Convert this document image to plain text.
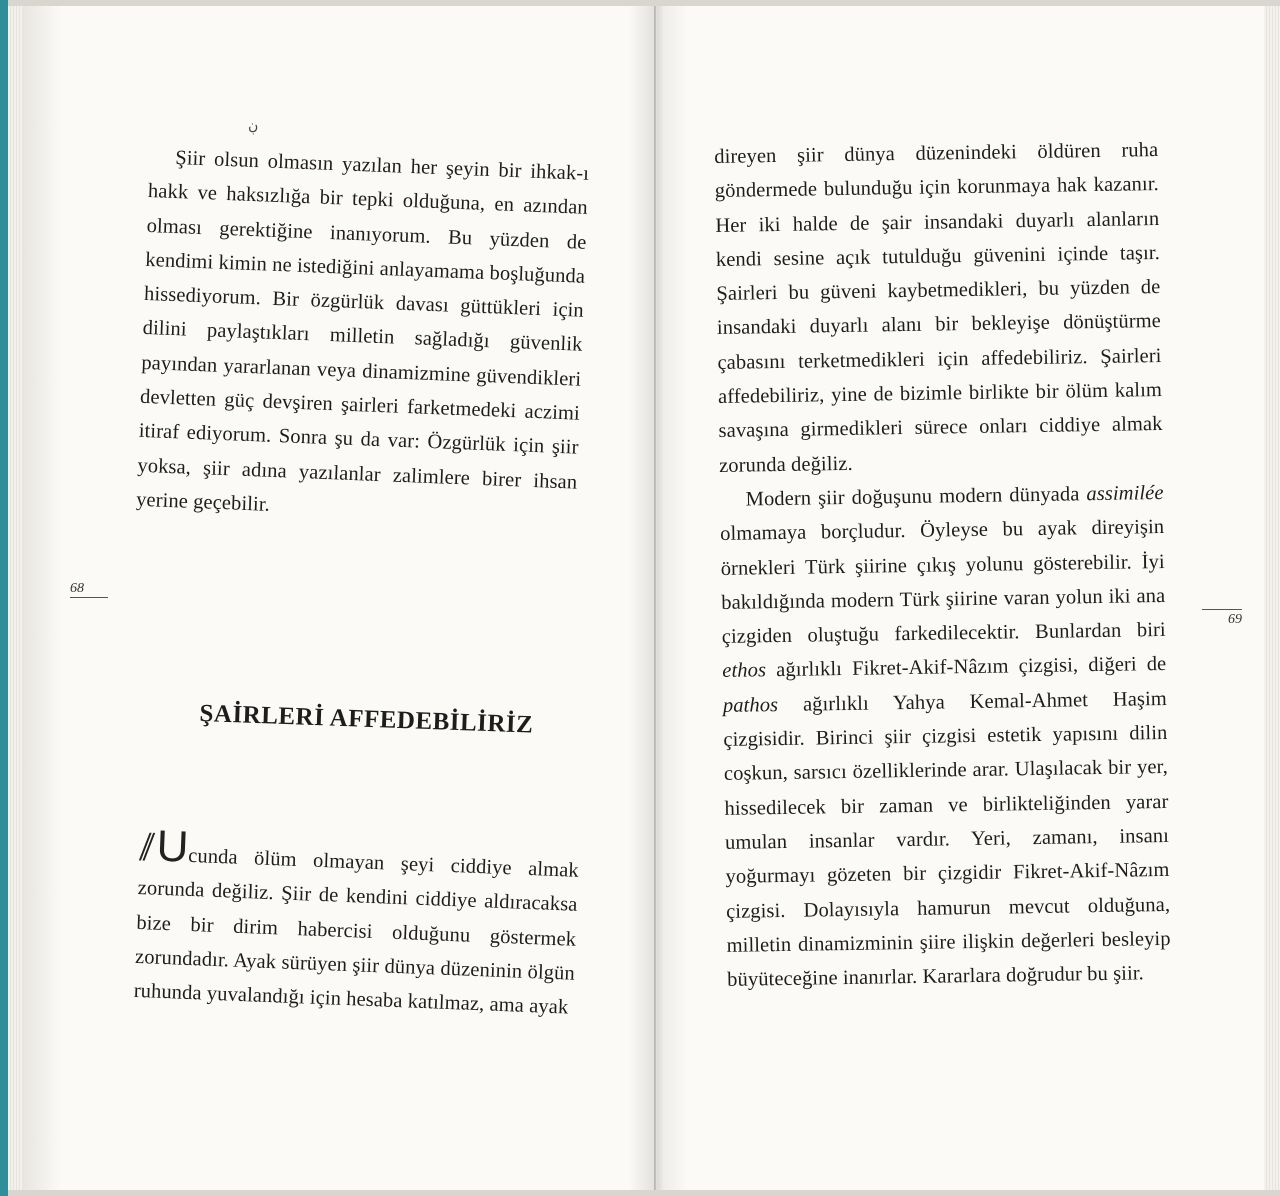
ڹ

Şiir olsun olmasın yazılan her şeyin bir ihkak-ı hakk ve haksızlığa bir tepki olduğuna, en azından olması gerektiğine inanıyorum. Bu yüzden de kendimi kimin ne istediğini anlayamama boşluğunda hissediyorum. Bir özgürlük davası güttükleri için dilini paylaştıkları milletin sağladığı güvenlik payından yararlanan veya dinamizmine güvendikleri devletten güç devşiren şairleri farketmedeki aczimi itiraf ediyorum. Sonra şu da var: Özgürlük için şiir yoksa, şiir adına yazılanlar zalimlere birer ihsan yerine geçebilir.

68
ŞAİRLERİ AFFEDEBİLİRİZ

// Ucunda ölüm olmayan şeyi ciddiye almak zorunda değiliz. Şiir de kendini ciddiye aldıracaksa bize bir dirim habercisi olduğunu göstermek zorundadır. Ayak sürüyen şiir dünya düzeninin ölgün ruhunda yuvalandığı için hesaba katılmaz, ama ayak

direyen şiir dünya düzenindeki öldüren ruha göndermede bulunduğu için korunmaya hak kazanır. Her iki halde de şair insandaki duyarlı alanların kendi sesine açık tutulduğu güvenini içinde taşır. Şairleri bu güveni kaybetmedikleri, bu yüzden de insandaki duyarlı alanı bir bekleyişe dönüştürme çabasını terketmedikleri için affedebiliriz. Şairleri affedebiliriz, yine de bizimle birlikte bir ölüm kalım savaşına girmedikleri sürece onları ciddiye almak zorunda değiliz.

Modern şiir doğuşunu modern dünyada assimilée olmamaya borçludur. Öyleyse bu ayak direyişin örnekleri Türk şiirine çıkış yolunu gösterebilir. İyi bakıldığında modern Türk şiirine varan yolun iki ana çizgiden oluştuğu farkedilecektir. Bunlardan biri ethos ağırlıklı Fikret-Akif-Nâzım çizgisi, diğeri de pathos ağırlıklı Yahya Kemal-Ahmet Haşim çizgisidir. Birinci şiir çizgisi estetik yapısını dilin coşkun, sarsıcı özelliklerinde arar. Ulaşılacak bir yer, hissedilecek bir zaman ve birlikteliğinden yarar umulan insanlar vardır. Yeri, zamanı, insanı yoğurmayı gözeten bir çizgidir Fikret-Akif-Nâzım çizgisi. Dolayısıyla hamurun mevcut olduğuna, milletin dinamizminin şiire ilişkin değerleri besleyip büyüteceğine inanırlar. Kararlara doğrudur bu şiir.

69
